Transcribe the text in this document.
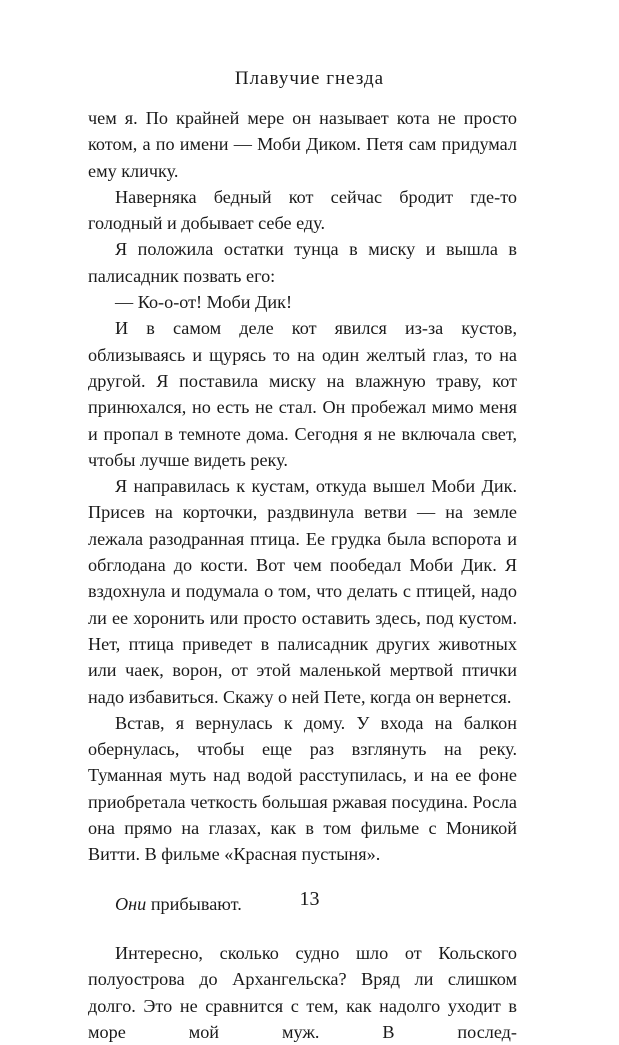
Плавучие гнезда

чем я. По крайней мере он называет кота не просто котом, а по имени — Моби Диком. Петя сам придумал ему кличку.

Наверняка бедный кот сейчас бродит где-то голодный и добывает себе еду.

Я положила остатки тунца в миску и вышла в палисадник позвать его:

— Ко-о-от! Моби Дик!

И в самом деле кот явился из-за кустов, облизываясь и щурясь то на один желтый глаз, то на другой. Я поставила миску на влажную траву, кот принюхался, но есть не стал. Он пробежал мимо меня и пропал в темноте дома. Сегодня я не включала свет, чтобы лучше видеть реку.

Я направилась к кустам, откуда вышел Моби Дик. Присев на корточки, раздвинула ветви — на земле лежала разодранная птица. Ее грудка была вспорота и обглодана до кости. Вот чем пообедал Моби Дик. Я вздохнула и подумала о том, что делать с птицей, надо ли ее хоронить или просто оставить здесь, под кустом. Нет, птица приведет в палисадник других животных или чаек, ворон, от этой маленькой мертвой птички надо избавиться. Скажу о ней Пете, когда он вернется.

Встав, я вернулась к дому. У входа на балкон обернулась, чтобы еще раз взглянуть на реку. Туманная муть над водой расступилась, и на ее фоне приобретала четкость большая ржавая посудина. Росла она прямо на глазах, как в том фильме с Моникой Витти. В фильме «Красная пустыня».

Они прибывают.

Интересно, сколько судно шло от Кольского полуострова до Архангельска? Вряд ли слишком долго. Это не сравнится с тем, как надолго уходит в море мой муж. В послед-

13
